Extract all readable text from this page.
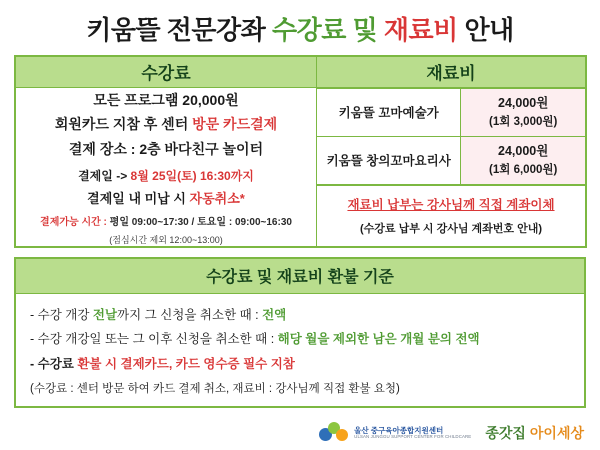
키움뜰 전문강좌 수강료 및 재료비 안내
수강료	재료비

모든 프로그램 20,000원
회원카드 지참 후 센터 방문 카드결제
결제 장소 : 2층 바다친구 놀이터
결제일 -> 8월 25일(토) 16:30까지
결제일 내 미납 시 자동취소*
결제가능 시간 : 평일 09:00~17:30 / 토요일 : 09:00~16:30
(점심시간 제외 12:00~13:00)

키움뜰 꼬마예술가	24,000원
(1회 3,000원)
키움뜰 창의꼬마요리사	24,000원
(1회 6,000원)
재료비 납부는 강사님께 직접 계좌이체
(수강료 납부 시 강사님 계좌번호 안내)
수강료 및 재료비 환불 기준
- 수강 개강 전날까지 그 신청을 취소한 때 : 전액
- 수강 개강일 또는 그 이후 신청을 취소한 때 : 해당 월을 제외한 남은 개월 분의 전액
- 수강료 환불 시 결제카드, 카드 영수증 필수 지참
(수강료 : 센터 방문 하여 카드 결제 취소, 재료비 : 강사님께 직접 환불 요청)
울산 중구육아종합지원센터
ULSAN JUNGGU SUPPORT CENTER FOR CHILDCARE 종갓집 아이세상
